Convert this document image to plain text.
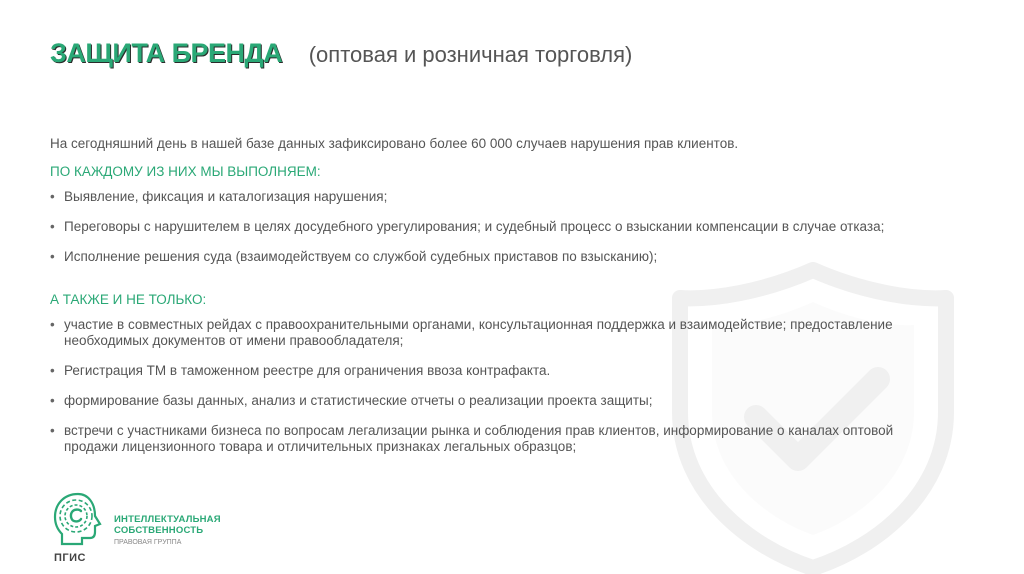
ЗАЩИТА БРЕНДА (оптовая и розничная торговля)
На сегодняшний день в нашей базе данных зафиксировано более 60 000 случаев нарушения прав клиентов.
ПО КАЖДОМУ ИЗ НИХ МЫ ВЫПОЛНЯЕМ:
• Выявление, фиксация и каталогизация нарушения;
• Переговоры с нарушителем в целях досудебного урегулирования; и судебный процесс о взыскании компенсации в случае отказа;
• Исполнение решения суда (взаимодействуем со службой судебных приставов по взысканию);
А ТАКЖЕ И НЕ ТОЛЬКО:
• участие в совместных рейдах с правоохранительными органами, консультационная поддержка и взаимодействие; предоставление необходимых документов от имени правообладателя;
• Регистрация ТМ в таможенном реестре для ограничения ввоза контрафакта.
• формирование базы данных, анализ и статистические отчеты о реализации проекта защиты;
• встречи с участниками бизнеса по вопросам легализации рынка и соблюдения прав клиентов, информирование о каналах оптовой продажи лицензионного товара и отличительных признаках легальных образцов;
ПГИС
ИНТЕЛЛЕКТУАЛЬНАЯ
СОБСТВЕННОСТЬ
ПРАВОВАЯ ГРУППА
